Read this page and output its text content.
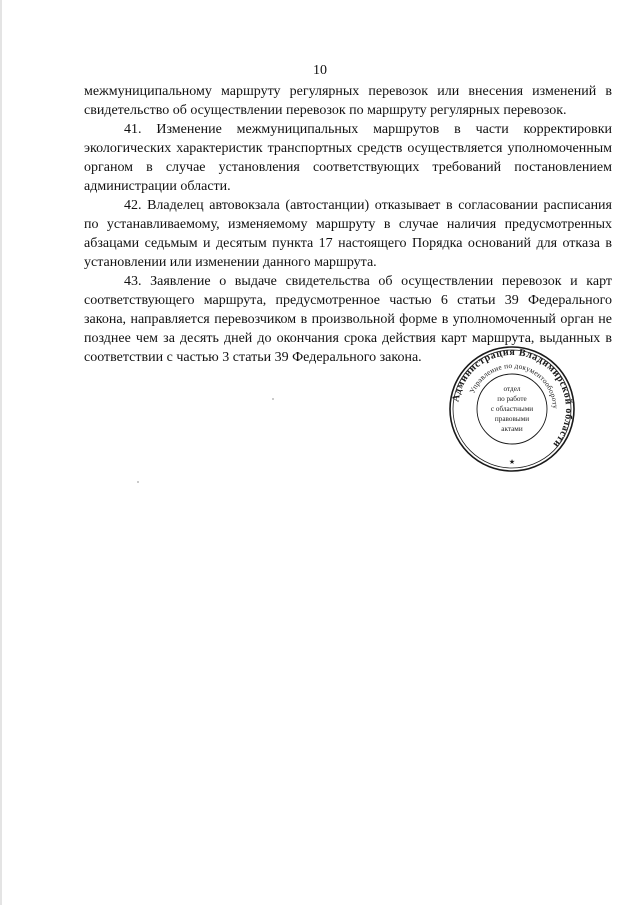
10

межмуниципальному маршруту регулярных перевозок или внесения изменений в свидетельство об осуществлении перевозок по маршруту регулярных перевозок.

41. Изменение межмуниципальных маршрутов в части корректировки экологических характеристик транспортных средств осуществляется уполномоченным органом в случае установления соответствующих требований постановлением администрации области.

42. Владелец автовокзала (автостанции) отказывает в согласовании расписания по устанавливаемому, изменяемому маршруту в случае наличия предусмотренных абзацами седьмым и десятым пункта 17 настоящего Порядка оснований для отказа в установлении или изменении данного маршрута.

43. Заявление о выдаче свидетельства об осуществлении перевозок и карт соответствующего маршрута, предусмотренное частью 6 статьи 39 Федерального закона, направляется перевозчиком в произвольной форме в уполномоченный орган не позднее чем за десять дней до окончания срока действия карт маршрута, выданных в соответствии с частью 3 статьи 39 Федерального закона.

Администрация Владимирской области
Управление по документообороту
отдел
по работе
с областными
правовыми
актами
★
